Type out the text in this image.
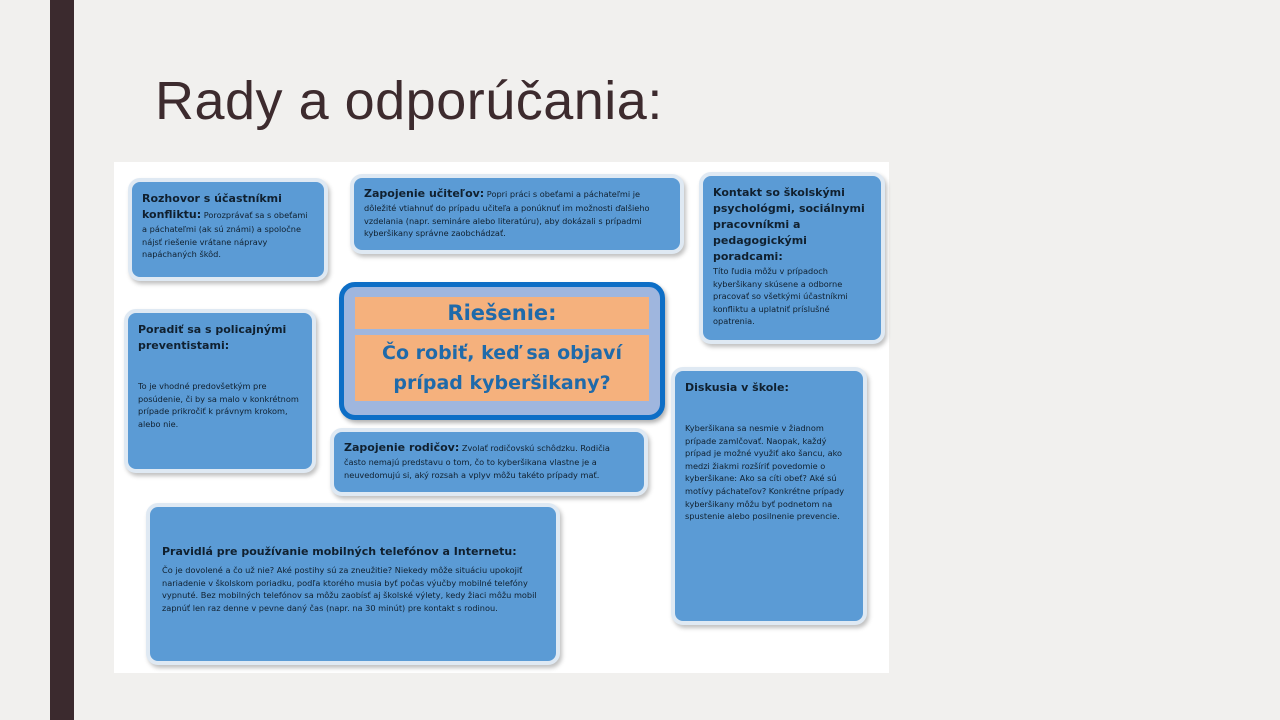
Rady a odporúčania:
Rozhovor s účastníkmi konfliktu: Porozprávať sa s obeťami a páchateľmi (ak sú známi) a spoločne nájsť riešenie vrátane nápravy napáchaných škôd.
Zapojenie učiteľov: Popri práci s obeťami a páchateľmi je dôležité vtiahnuť do prípadu učiteľa a ponúknuť im možnosti ďalšieho vzdelania (napr. semináre alebo literatúru), aby dokázali s prípadmi kyberšikany správne zaobchádzať.

Kontakt so školskými psychológmi, sociálnymi pracovníkmi a pedagogickými poradcami:

Títo ľudia môžu v prípadoch kyberšikany skúsene a odborne pracovať so všetkými účastníkmi konfliktu a uplatniť príslušné opatrenia.

Poradiť sa s policajnými preventistami:

To je vhodné predovšetkým pre posúdenie, či by sa malo v konkrétnom prípade prikročiť k právnym krokom, alebo nie.

Riešenie:
Čo robiť, keď sa objaví
prípad kyberšikany?
Zapojenie rodičov: Zvolať rodičovskú schôdzku. Rodičia často nemajú predstavu o tom, čo to kyberšikana vlastne je a neuvedomujú si, aký rozsah a vplyv môžu takéto prípady mať.

Diskusia v škole:

Kyberšikana sa nesmie v žiadnom prípade zamlčovať. Naopak, každý prípad je možné využiť ako šancu, ako medzi žiakmi rozšíriť povedomie o kyberšikane: Ako sa cíti obeť? Aké sú motívy páchateľov? Konkrétne prípady kyberšikany môžu byť podnetom na spustenie alebo posilnenie prevencie.

Pravidlá pre používanie mobilných telefónov a Internetu:

Čo je dovolené a čo už nie? Aké postihy sú za zneužitie? Niekedy môže situáciu upokojiť nariadenie v školskom poriadku, podľa ktorého musia byť počas výučby mobilné telefóny vypnuté. Bez mobilných telefónov sa môžu zaobísť aj školské výlety, kedy žiaci môžu mobil zapnúť len raz denne v pevne daný čas (napr. na 30 minút) pre kontakt s rodinou.
